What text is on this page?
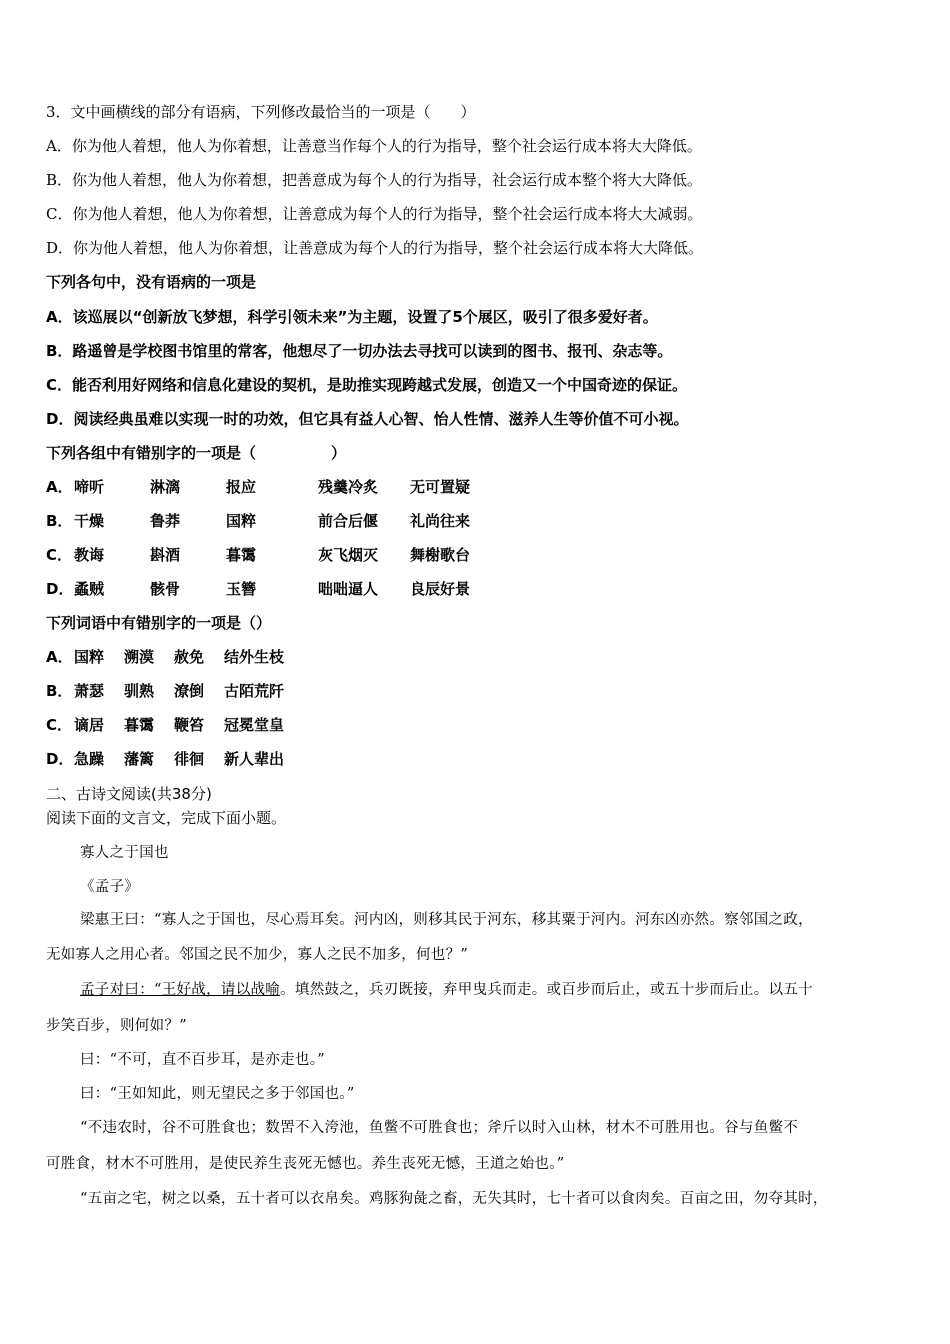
3．文中画横线的部分有语病，下列修改最恰当的一项是（　　）
A．你为他人着想，他人为你着想，让善意当作每个人的行为指导，整个社会运行成本将大大降低。
B．你为他人着想，他人为你着想，把善意成为每个人的行为指导，社会运行成本整个将大大降低。
C．你为他人着想，他人为你着想，让善意成为每个人的行为指导，整个社会运行成本将大大减弱。
D．你为他人着想，他人为你着想，让善意成为每个人的行为指导，整个社会运行成本将大大降低。
下列各句中，没有语病的一项是
A．该巡展以“创新放飞梦想，科学引领未来”为主题，设置了5个展区，吸引了很多爱好者。
B．路遥曾是学校图书馆里的常客，他想尽了一切办法去寻找可以读到的图书、报刊、杂志等。
C．能否利用好网络和信息化建设的契机，是助推实现跨越式发展，创造又一个中国奇迹的保证。
D．阅读经典虽难以实现一时的功效，但它具有益人心智、怡人性情、滋养人生等价值不可小视。
下列各组中有错别字的一项是（　　　　　）
A．啼听	淋漓	报应	残羹冷炙 无可置疑
B． 干燥	鲁莽	国粹	前合后偃 礼尚往来
C． 教诲	斟酒	暮霭	灰飞烟灭 舞榭歌台
D．蟊贼	骸骨	玉簪	咄咄逼人 良辰好景
下列词语中有错别字的一项是（）
A．国粹 溯漠 赦免 结外生枝
B． 萧瑟 驯熟 潦倒 古陌荒阡
C． 谪居 暮霭 鞭笞 冠冕堂皇
D．急躁 藩篱 徘徊 新人辈出
二、古诗文阅读(共38分)
阅读下面的文言文，完成下面小题。
寡人之于国也
《孟子》
梁惠王曰：“寡人之于国也，尽心焉耳矣。河内凶，则移其民于河东，移其粟于河内。河东凶亦然。察邻国之政，
无如寡人之用心者。邻国之民不加少，寡人之民不加多，何也？”
孟子对曰：“王好战，请以战喻。填然鼓之，兵刃既接，弃甲曳兵而走。或百步而后止，或五十步而后止。以五十
步笑百步，则何如？”
曰：“不可，直不百步耳，是亦走也。”
曰：“王如知此，则无望民之多于邻国也。”
“不违农时，谷不可胜食也；数罟不入洿池，鱼鳖不可胜食也；斧斤以时入山林，材木不可胜用也。谷与鱼鳖不
可胜食，材木不可胜用，是使民养生丧死无憾也。养生丧死无憾，王道之始也。”
“五亩之宅，树之以桑，五十者可以衣帛矣。鸡豚狗彘之畜，无失其时，七十者可以食肉矣。百亩之田，勿夺其时，
